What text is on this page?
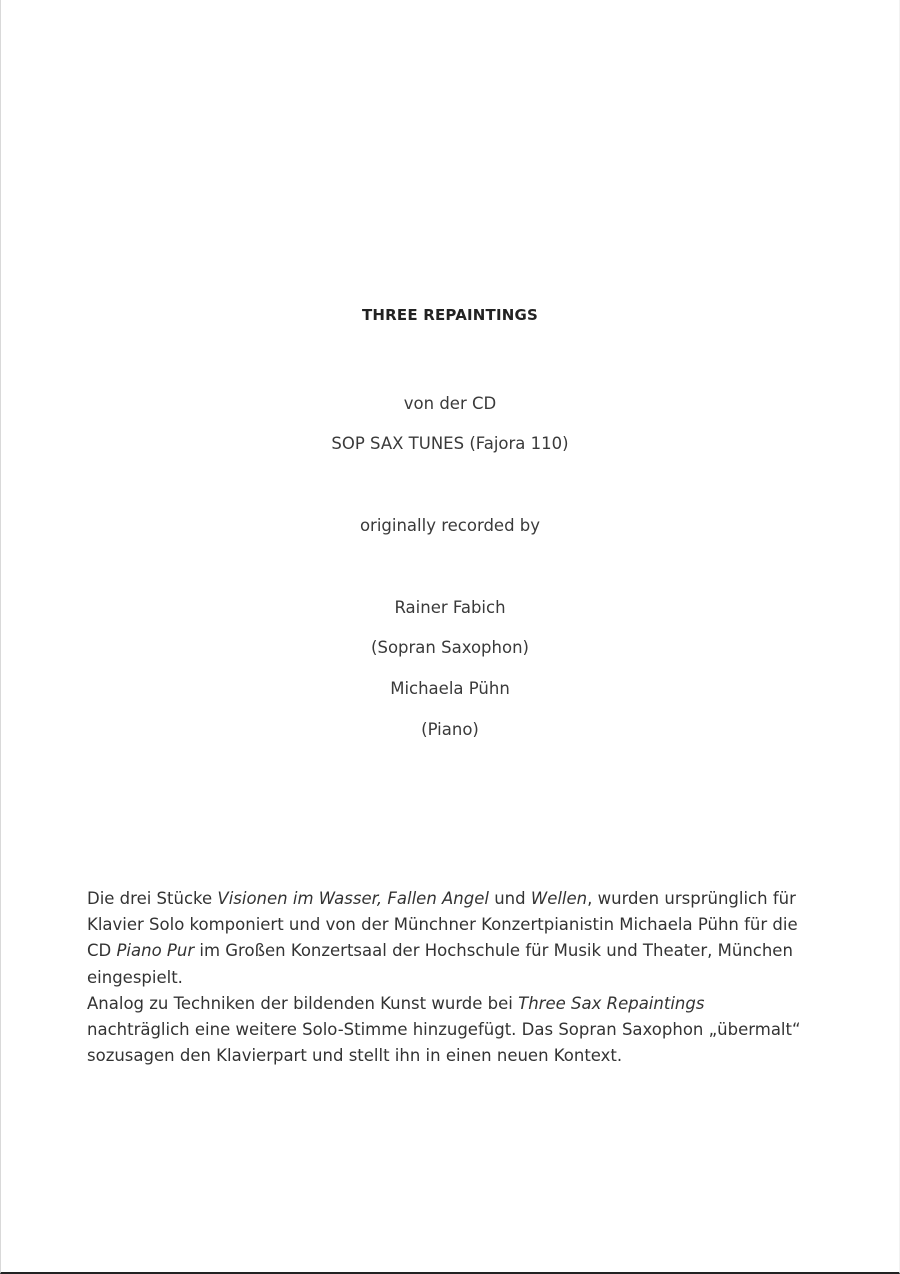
THREE REPAINTINGS
von der CD
SOP SAX TUNES (Fajora 110)
originally recorded by
Rainer Fabich
(Sopran Saxophon)
Michaela Pühn
(Piano)

Die drei Stücke Visionen im Wasser, Fallen Angel und Wellen, wurden ursprünglich für Klavier Solo komponiert und von der Münchner Konzertpianistin Michaela Pühn für die CD Piano Pur im Großen Konzertsaal der Hochschule für Musik und Theater, München eingespielt.

Analog zu Techniken der bildenden Kunst wurde bei Three Sax Repaintings nachträglich eine weitere Solo-Stimme hinzugefügt. Das Sopran Saxophon „übermalt“ sozusagen den Klavierpart und stellt ihn in einen neuen Kontext.
